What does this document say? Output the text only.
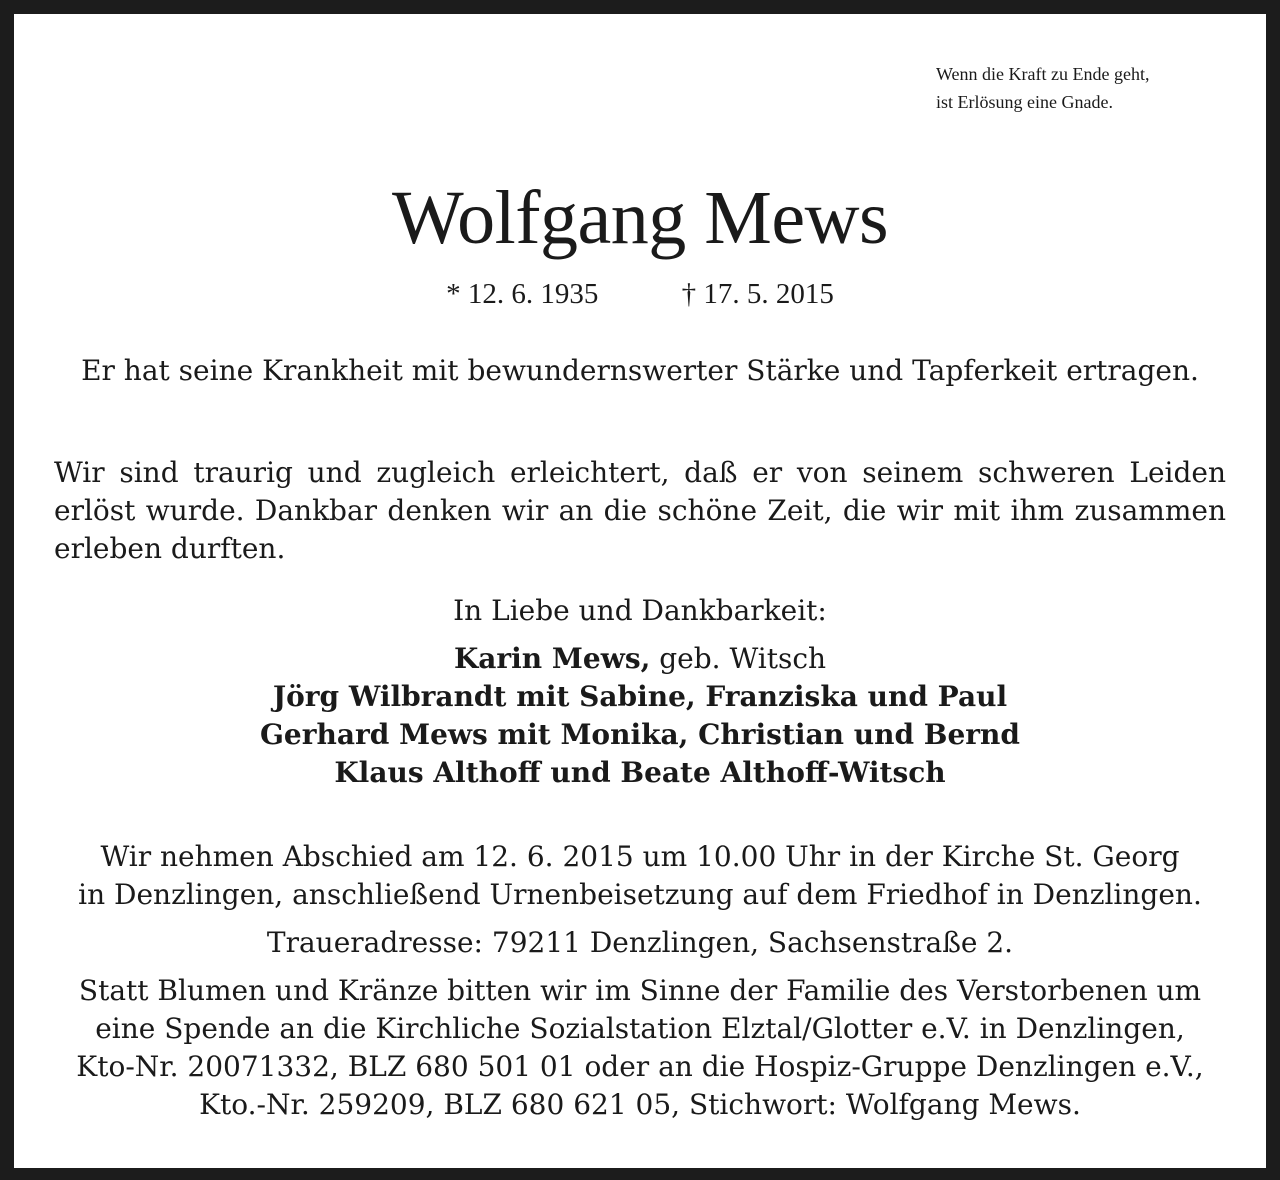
Wenn die Kraft zu Ende geht,
ist Erlösung eine Gnade.
Wolfgang Mews
* 12. 6. 1935	† 17. 5. 2015
Er hat seine Krankheit mit bewundernswerter Stärke und Tapferkeit ertragen.
Wir sind traurig und zugleich erleichtert, daß er von seinem schweren Leiden erlöst wurde. Dankbar denken wir an die schöne Zeit, die wir mit ihm zusammen erleben durften.
In Liebe und Dankbarkeit:
Karin Mews, geb. Witsch
Jörg Wilbrandt mit Sabine, Franziska und Paul
Gerhard Mews mit Monika, Christian und Bernd
Klaus Althoff und Beate Althoff-Witsch
Wir nehmen Abschied am 12. 6. 2015 um 10.00 Uhr in der Kirche St. Georg
in Denzlingen, anschließend Urnenbeisetzung auf dem Friedhof in Denzlingen.
Traueradresse: 79211 Denzlingen, Sachsenstraße 2.
Statt Blumen und Kränze bitten wir im Sinne der Familie des Verstorbenen um
eine Spende an die Kirchliche Sozialstation Elztal/Glotter e.V. in Denzlingen,
Kto-Nr. 20071332, BLZ 680 501 01 oder an die Hospiz-Gruppe Denzlingen e.V.,
Kto.-Nr. 259209, BLZ 680 621 05, Stichwort: Wolfgang Mews.
